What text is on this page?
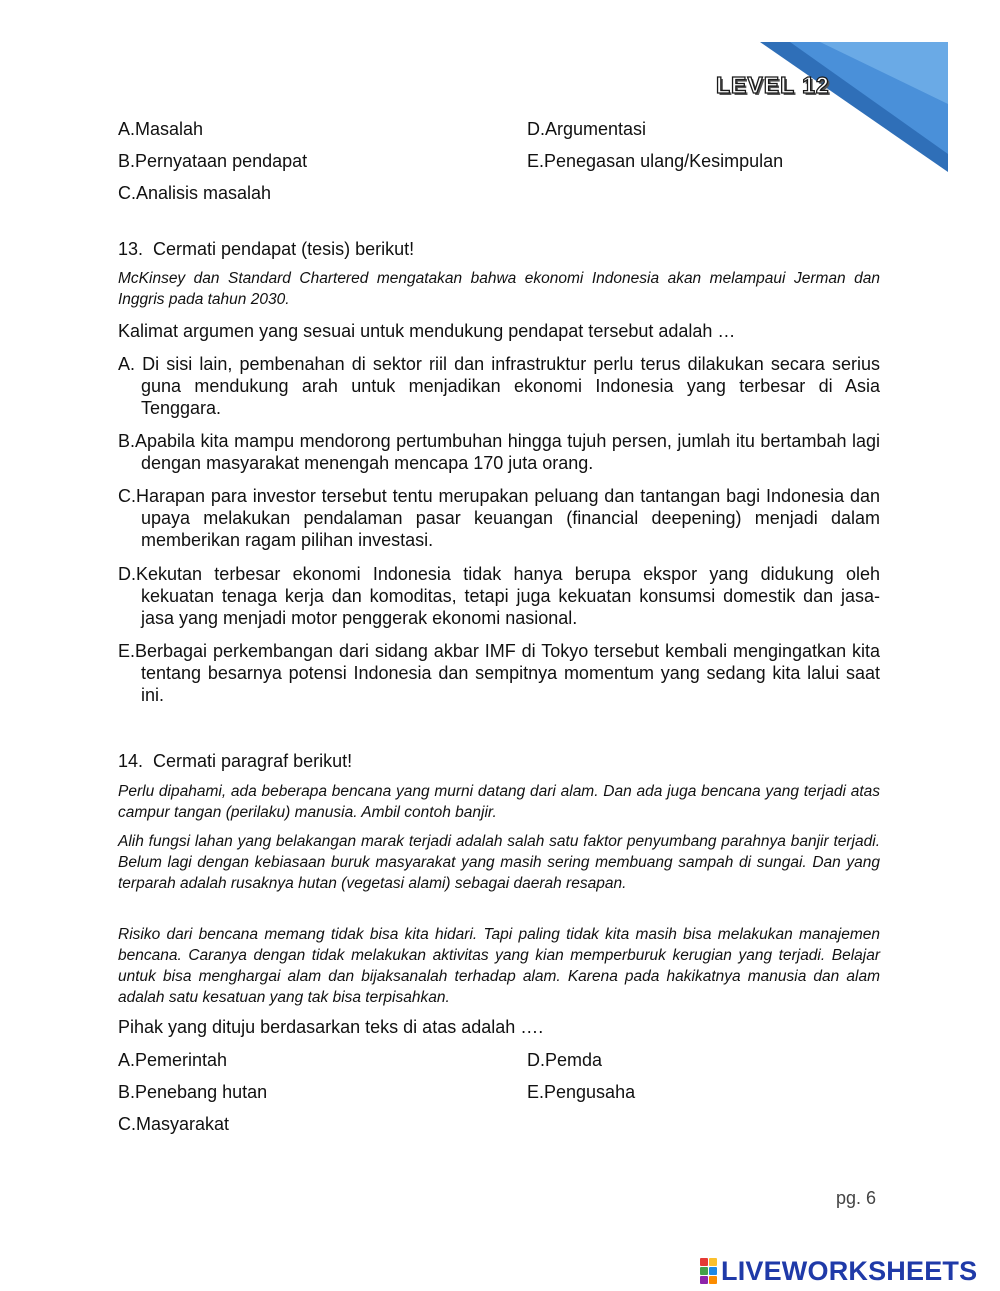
LEVEL 12
A.Masalah
B.Pernyataan pendapat
C.Analisis masalah
D.Argumentasi
E.Penegasan ulang/Kesimpulan
13.  Cermati pendapat (tesis) berikut!
McKinsey dan Standard Chartered mengatakan bahwa ekonomi Indonesia akan melampaui Jerman dan Inggris pada tahun 2030.
Kalimat argumen yang sesuai untuk mendukung pendapat tersebut adalah …
A. Di sisi lain, pembenahan di sektor riil dan infrastruktur perlu terus dilakukan secara serius guna mendukung arah untuk menjadikan ekonomi Indonesia yang terbesar di Asia Tenggara.
B.Apabila kita mampu mendorong pertumbuhan hingga tujuh persen, jumlah itu bertambah lagi dengan masyarakat menengah mencapa 170 juta orang.
C.Harapan para investor tersebut tentu merupakan peluang dan tantangan bagi Indonesia dan upaya melakukan pendalaman pasar keuangan (financial deepening) menjadi dalam memberikan ragam pilihan investasi.
D.Kekutan terbesar ekonomi Indonesia tidak hanya berupa ekspor yang didukung oleh kekuatan tenaga kerja dan komoditas, tetapi juga kekuatan konsumsi domestik dan jasa-jasa yang menjadi motor penggerak ekonomi nasional.
E.Berbagai perkembangan dari sidang akbar IMF di Tokyo tersebut kembali mengingatkan kita tentang besarnya potensi Indonesia dan sempitnya momentum yang sedang kita lalui saat ini.
14.  Cermati paragraf berikut!
Perlu dipahami, ada beberapa bencana yang murni datang dari alam. Dan ada juga bencana yang terjadi atas campur tangan (perilaku) manusia. Ambil contoh banjir.
Alih fungsi lahan yang belakangan marak terjadi adalah salah satu faktor penyumbang parahnya banjir terjadi. Belum lagi dengan kebiasaan buruk masyarakat yang masih sering membuang sampah di sungai. Dan yang terparah adalah rusaknya hutan (vegetasi alami) sebagai daerah resapan.
Risiko dari bencana memang tidak bisa kita hidari. Tapi paling tidak kita masih bisa melakukan manajemen bencana. Caranya dengan tidak melakukan aktivitas yang kian memperburuk kerugian yang terjadi. Belajar untuk bisa menghargai alam dan bijaksanalah terhadap alam. Karena pada hakikatnya manusia dan alam adalah satu kesatuan yang tak bisa terpisahkan.
Pihak yang dituju berdasarkan teks di atas adalah ….
A.Pemerintah
B.Penebang hutan
C.Masyarakat
D.Pemda
E.Pengusaha
pg. 6
LIVEWORKSHEETS
